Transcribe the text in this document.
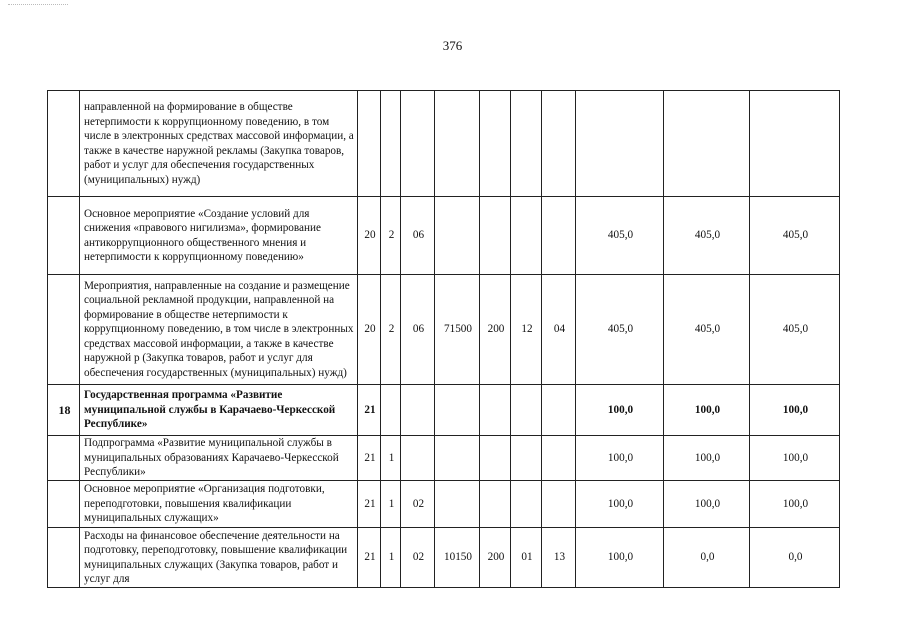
376
	направленной на формирование в обществе нетерпимости к коррупционному поведению, в том числе в электронных средствах массовой информации, а также в качестве наружной рекламы (Закупка товаров, работ и услуг для обеспечения государственных (муниципальных) нужд)										
	Основное мероприятие «Создание условий для снижения «правового нигилизма», формирование антикоррупционного общественного мнения и нетерпимости к коррупционному поведению»	20	2	06					405,0	405,0	405,0
	Мероприятия, направленные на создание и размещение социальной рекламной продукции, направленной на формирование в обществе нетерпимости к коррупционному поведению, в том числе в электронных средствах массовой информации, а также в качестве наружной р (Закупка товаров, работ и услуг для обеспечения государственных (муниципальных) нужд)	20	2	06	71500	200	12	04	405,0	405,0	405,0
18	Государственная программа «Развитие муниципальной службы в Карачаево-Черкесской Республике»	21							100,0	100,0	100,0
	Подпрограмма «Развитие муниципальной службы в муниципальных образованиях Карачаево-Черкесской Республики»	21	1						100,0	100,0	100,0
	Основное мероприятие «Организация подготовки, переподготовки, повышения квалификации муниципальных служащих»	21	1	02					100,0	100,0	100,0
	Расходы на финансовое обеспечение деятельности на подготовку, переподготовку, повышение квалификации муниципальных служащих (Закупка товаров, работ и услуг для	21	1	02	10150	200	01	13	100,0	0,0	0,0
